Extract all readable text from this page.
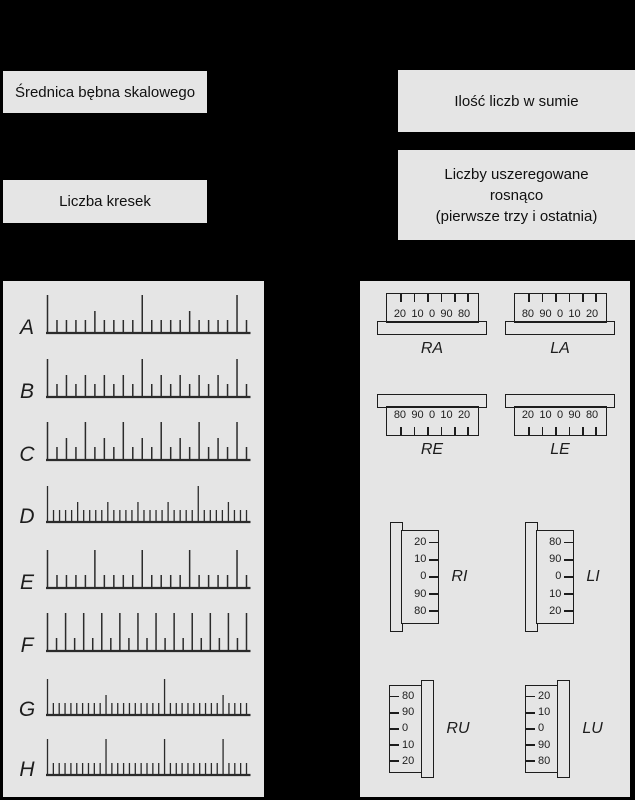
Średnica bębna skalowego
Liczba kresek
Ilość liczb w sumie
Liczby uszeregowane
rosnąco
(pierwsze trzy i ostatnia)
A
B
C
D
E
F
G
H
20 10 0 90 80
RA
80 90 0 10 20
LA
80 90 0 10 20
RE
20 10 0 90 80
LE
20
10
0
90
80
RI
80
90
0
10
20
LI
80
90
0
10
20
RU
20
10
0
90
80
LU
